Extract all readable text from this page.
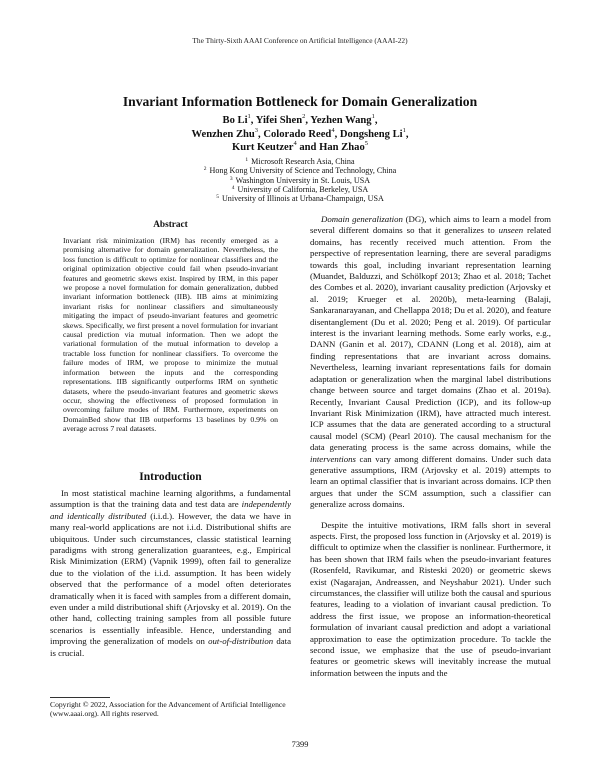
The Thirty-Sixth AAAI Conference on Artificial Intelligence (AAAI-22)
Invariant Information Bottleneck for Domain Generalization
Bo Li$^1$, Yifei Shen$^2$, Yezhen Wang$^1$,
Wenzhen Zhu$^3$, Colorado Reed$^4$, Dongsheng Li$^1$,
Kurt Keutzer$^4$ and Han Zhao$^5$
$^1$ Microsoft Research Asia, China
$^2$ Hong Kong University of Science and Technology, China
$^3$ Washington University in St. Louis, USA
$^4$ University of California, Berkeley, USA
$^5$ University of Illinois at Urbana-Champaign, USA
Abstract
Invariant risk minimization (IRM) has recently emerged as a promising alternative for domain generalization. Nevertheless, the loss function is difficult to optimize for nonlinear classifiers and the original optimization objective could fail when pseudo-invariant features and geometric skews exist. Inspired by IRM, in this paper we propose a novel formulation for domain generalization, dubbed invariant information bottleneck (IIB). IIB aims at minimizing invariant risks for nonlinear classifiers and simultaneously mitigating the impact of pseudo-invariant features and geometric skews. Specifically, we first present a novel formulation for invariant causal prediction via mutual information. Then we adopt the variational formulation of the mutual information to develop a tractable loss function for nonlinear classifiers. To overcome the failure modes of IRM, we propose to minimize the mutual information between the inputs and the corresponding representations. IIB significantly outperforms IRM on synthetic datasets, where the pseudo-invariant features and geometric skews occur, showing the effectiveness of proposed formulation in overcoming failure modes of IRM. Furthermore, experiments on DomainBed show that IIB outperforms 13 baselines by 0.9% on average across 7 real datasets.
Introduction

In most statistical machine learning algorithms, a fundamental assumption is that the training data and test data are independently and identically distributed (i.i.d.). However, the data we have in many real-world applications are not i.i.d. Distributional shifts are ubiquitous. Under such circumstances, classic statistical learning paradigms with strong generalization guarantees, e.g., Empirical Risk Minimization (ERM) (Vapnik 1999), often fail to generalize due to the violation of the i.i.d. assumption. It has been widely observed that the performance of a model often deteriorates dramatically when it is faced with samples from a different domain, even under a mild distributional shift (Arjovsky et al. 2019). On the other hand, collecting training samples from all possible future scenarios is essentially infeasible. Hence, understanding and improving the generalization of models on out-of-distribution data is crucial.

Domain generalization (DG), which aims to learn a model from several different domains so that it generalizes to unseen related domains, has recently received much attention. From the perspective of representation learning, there are several paradigms towards this goal, including invariant representation learning (Muandet, Balduzzi, and Schölkopf 2013; Zhao et al. 2018; Tachet des Combes et al. 2020), invariant causality prediction (Arjovsky et al. 2019; Krueger et al. 2020b), meta-learning (Balaji, Sankaranarayanan, and Chellappa 2018; Du et al. 2020), and feature disentanglement (Du et al. 2020; Peng et al. 2019). Of particular interest is the invariant learning methods. Some early works, e.g., DANN (Ganin et al. 2017), CDANN (Long et al. 2018), aim at finding representations that are invariant across domains. Nevertheless, learning invariant representations fails for domain adaptation or generalization when the marginal label distributions change between source and target domains (Zhao et al. 2019a). Recently, Invariant Causal Prediction (ICP), and its follow-up Invariant Risk Minimization (IRM), have attracted much interest. ICP assumes that the data are generated according to a structural causal model (SCM) (Pearl 2010). The causal mechanism for the data generating process is the same across domains, while the interventions can vary among different domains. Under such data generative assumptions, IRM (Arjovsky et al. 2019) attempts to learn an optimal classifier that is invariant across domains. ICP then argues that under the SCM assumption, such a classifier can generalize across domains.

Despite the intuitive motivations, IRM falls short in several aspects. First, the proposed loss function in (Arjovsky et al. 2019) is difficult to optimize when the classifier is nonlinear. Furthermore, it has been shown that IRM fails when the pseudo-invariant features (Rosenfeld, Ravikumar, and Risteski 2020) or geometric skews exist (Nagarajan, Andreassen, and Neyshabur 2021). Under such circumstances, the classifier will utilize both the causal and spurious features, leading to a violation of invariant causal prediction. To address the first issue, we propose an information-theoretical formulation of invariant causal prediction and adopt a variational approximation to ease the optimization procedure. To tackle the second issue, we emphasize that the use of pseudo-invariant features or geometric skews will inevitably increase the mutual information between the inputs and the

Copyright © 2022, Association for the Advancement of Artificial Intelligence (www.aaai.org). All rights reserved.
7399
